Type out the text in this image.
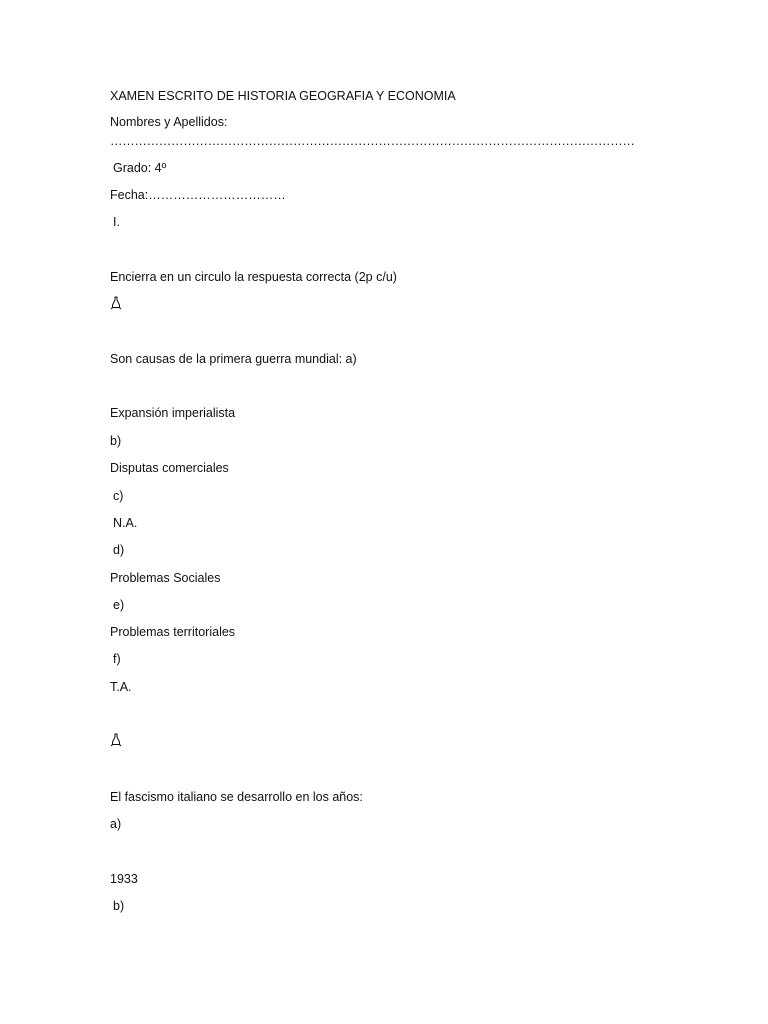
XAMEN ESCRITO DE HISTORIA GEOGRAFIA Y ECONOMIA
Nombres y Apellidos:
…………………………………………………………………………………………………………………
Grado: 4º
Fecha:……………………………
I.
Encierra en un circulo la respuesta correcta (2p c/u)
Son causas de la primera guerra mundial: a)
Expansión imperialista
b)
Disputas comerciales
c)
N.A.
d)
Problemas Sociales
e)
Problemas territoriales
f)
T.A.
El fascismo italiano se desarrollo en los años:
a)
1933
b)
